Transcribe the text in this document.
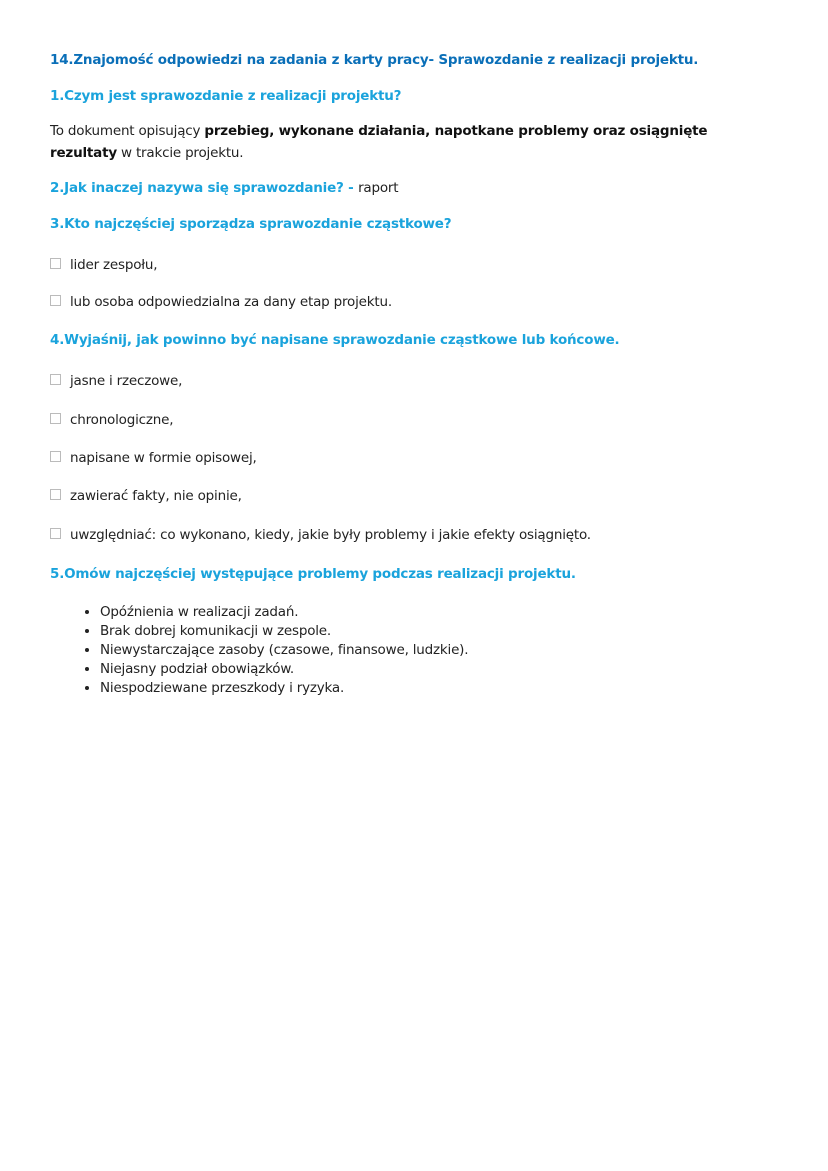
14.Znajomość odpowiedzi na zadania z karty pracy- Sprawozdanie z realizacji projektu.
1.Czym jest sprawozdanie z realizacji projektu?
To dokument opisujący przebieg, wykonane działania, napotkane problemy oraz osiągnięte
rezultaty w trakcie projektu.
2.Jak inaczej nazywa się sprawozdanie? - raport
3.Kto najczęściej sporządza sprawozdanie cząstkowe?
lider zespołu,
lub osoba odpowiedzialna za dany etap projektu.
4.Wyjaśnij, jak powinno być napisane sprawozdanie cząstkowe lub końcowe.
jasne i rzeczowe,
chronologiczne,
napisane w formie opisowej,
zawierać fakty, nie opinie,
uwzględniać: co wykonano, kiedy, jakie były problemy i jakie efekty osiągnięto.
5.Omów najczęściej występujące problemy podczas realizacji projektu.
• Opóźnienia w realizacji zadań.
• Brak dobrej komunikacji w zespole.
• Niewystarczające zasoby (czasowe, finansowe, ludzkie).
• Niejasny podział obowiązków.
• Niespodziewane przeszkody i ryzyka.
